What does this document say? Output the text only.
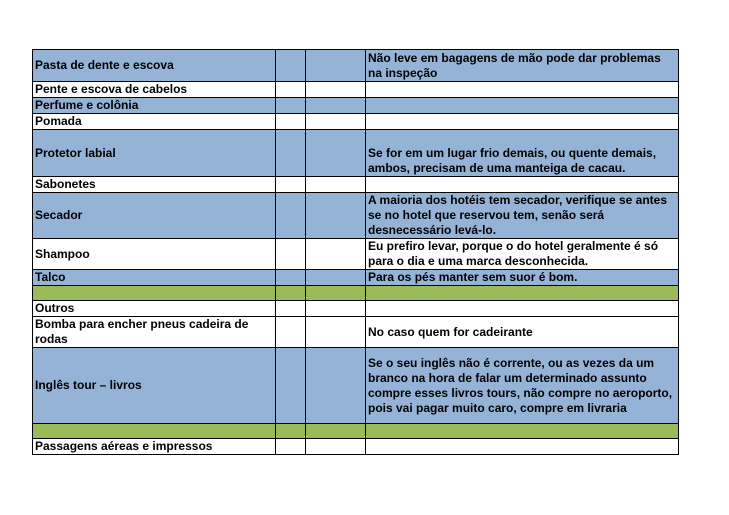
Pasta de dente e escova			Não leve em bagagens de mão pode dar problemas na inspeção
Pente e escova de cabelos			
Perfume e colônia			
Pomada			
Protetor labial			Se for em um lugar frio demais, ou quente demais, ambos, precisam de uma manteiga de cacau.
Sabonetes			
Secador			A maioria dos hotéis tem secador, verifique se antes se no hotel que reservou tem, senão será desnecessário levá-lo.
Shampoo			Eu prefiro levar, porque o do hotel geralmente é só para o dia e uma marca desconhecida.
Talco			Para os pés manter sem suor é bom.

Outros			
Bomba para encher pneus cadeira de rodas			No caso quem for cadeirante
Inglês tour – livros			Se o seu inglês não é corrente, ou as vezes da um branco na hora de falar um determinado assunto compre esses livros tours, não compre no aeroporto, pois vai pagar muito caro, compre em livraria

Passagens aéreas e impressos			
